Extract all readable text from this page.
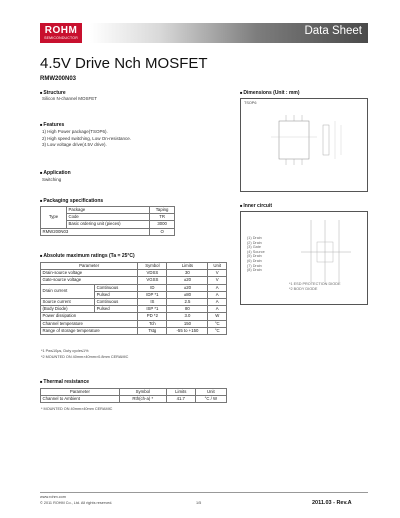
ROHM
SEMICONDUCTOR
Data Sheet
4.5V Drive Nch MOSFET
RMW200N03
■ Structure
Silicon N-channel MOSFET
■ Features
1) High Power package(TSOP6).
2) High speed switching, Low On-resistance.
3) Low voltage drive(4.5V drive).
■ Application
Switching
■ Packaging specifications
Type	Package	Taping
	Code	TR
	Basic ordering unit (pieces)	3000
RMW200N03		O
■ Absolute maximum ratings (Ta = 25°C)
Parameter		Symbol	Limits	Unit
Drain-source voltage		VDSS	30	V
Gate-source voltage		VGSS	±20	V
Drain current	Continuous	ID	±20	A
	Pulsed	IDP *1	±80	A
Source current	Continuous	IS	2.5	A
(Body Diode)	Pulsed	ISP *1	80	A
Power dissipation		PD *2	3.0	W
Channel temperature		Tch	150	°C
Range of storage temperature		Tstg	-55 to +150	°C
*1 Pw≤10μs, Duty cycle≤1%
*2 MOUNTED ON 40mm×40mm×0.8mm CERAMIC
■ Thermal resistance
Parameter	Symbol	Limits	Unit
Channel to Ambient	Rth(ch-a) *	41.7	°C / W
* MOUNTED ON 40mm×40mm CERAMIC
■ Dimensions (Unit : mm)
TSOP6
■ Inner circuit
(1) Drain
(2) Drain
(3) Gate
(4) Source
(5) Drain
(6) Drain
(7) Drain
(8) Drain
*1 ESD PROTECTION DIODE
*2 BODY DIODE
www.rohm.com
© 2011 ROHM Co., Ltd. All rights reserved.	1/5	2011.03 - Rev.A
